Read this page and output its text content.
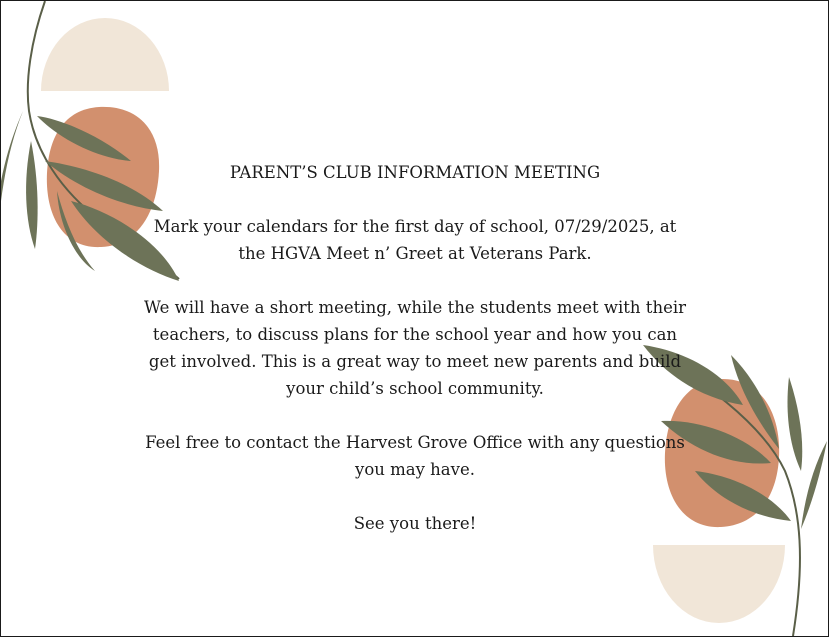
PARENT’S CLUB INFORMATION MEETING

Mark your calendars for the first day of school, 07/29/2025, at the HGVA Meet n’ Greet at Veterans Park.

We will have a short meeting, while the students meet with their teachers, to discuss plans for the school year and how you can get involved. This is a great way to meet new parents and build your child’s school community.

Feel free to contact the Harvest Grove Office with any questions you may have.

See you there!
